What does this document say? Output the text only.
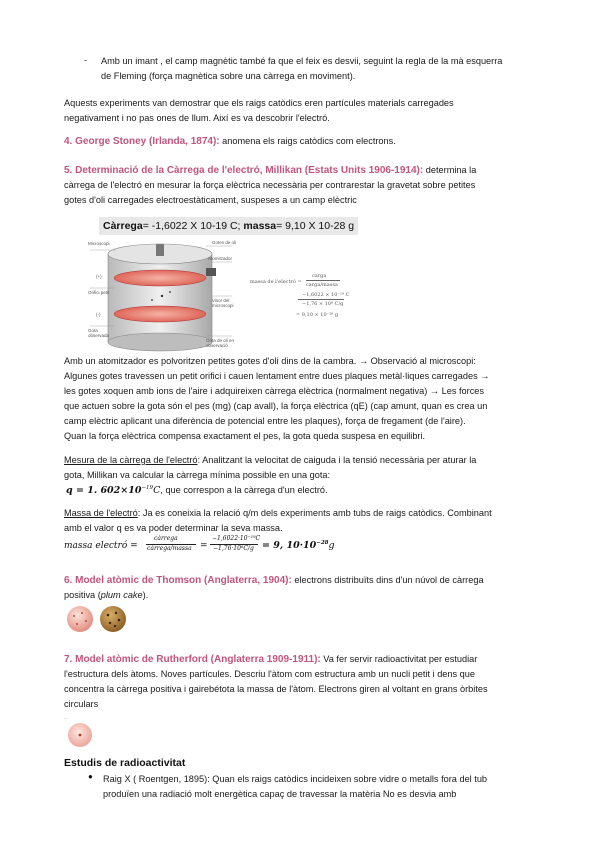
- Amb un imant , el camp magnètic també fa que el feix es desvii, seguint la regla de la mà esquerra
de Fleming (força magnètica sobre una càrrega en moviment).
Aquests experiments van demostrar que els raigs catòdics eren partícules materials carregades
negativament i no pas ones de llum. Així es va descobrir l'electró.
4. George Stoney (Irlanda, 1874): anomena els raigs catòdics com electrons.
5. Determinació de la Càrrega de l'electró, Millikan (Estats Units 1906-1914): determina la
càrrega de l'electró en mesurar la força elèctrica necessària per contrarestar la gravetat sobre petites
gotes d'oli carregades electroestàticament, suspeses a un camp elèctric
Càrrega= -1,6022 X 10-19 C; massa= 9,10 X 10-28 g
Microscopi
Orifici petit
Gota observada
Gotes de oli
Atomitzador
Visor del microscopi
Gota de oli en observació
(+)
(-)
massa de l'electró =
carga
carga/massa
−1,6022 × 10⁻¹⁹ C
−1,76 × 10⁸ C/g
= 9,10 × 10⁻²⁸ g
Amb un atomitzador es polvoritzen petites gotes d'oli dins de la cambra. → Observació al microscopi:
Algunes gotes travessen un petit orifici i cauen lentament entre dues plaques metàl·liques carregades →
les gotes xoquen amb ions de l'aire i adquireixen càrrega elèctrica (normalment negativa) → Les forces
que actuen sobre la gota són el pes (mg) (cap avall), la força elèctrica (qE) (cap amunt, quan es crea un
camp elèctric aplicant una diferència de potencial entre les plaques), força de fregament (de l'aire).
Quan la força elèctrica compensa exactament el pes, la gota queda suspesa en equilibri.
Mesura de la càrrega de l'electró: Analitzant la velocitat de caiguda i la tensió necessària per aturar la
gota, Millikan va calcular la càrrega mínima possible en una gota:
q = 1. $602\times 10^{-19}C$, que correspon a la càrrega d'un electró.
Massa de l'electró: Ja es coneixia la relació q/m dels experiments amb tubs de raigs catòdics. Combinant
amb el valor q es va poder determinar la seva massa.
massa electró =
càrrega
càrrega/massa =
−1,6022·10⁻¹⁹C
−1,76·10⁸C/g = 9, $10\cdot 10^{-28}g$
6. Model atòmic de Thomson (Anglaterra, 1904): electrons distribuïts dins d'un núvol de càrrega
positiva (plum cake).
7. Model atòmic de Rutherford (Anglaterra 1909-1911): Va fer servir radioactivitat per estudiar
l'estructura dels àtoms. Noves partícules. Descriu l'àtom com estructura amb un nucli petit i dens que
concentra la càrrega positiva i gairebétota la massa de l'àtom. Electrons giren al voltant en grans òrbites
circulars
····
Estudis de radioactivitat
● Raig X ( Roentgen, 1895): Quan els raigs catòdics incideixen sobre vidre o metalls fora del tub
produïen una radiació molt energètica capaç de travessar la matèria No es desvia amb
